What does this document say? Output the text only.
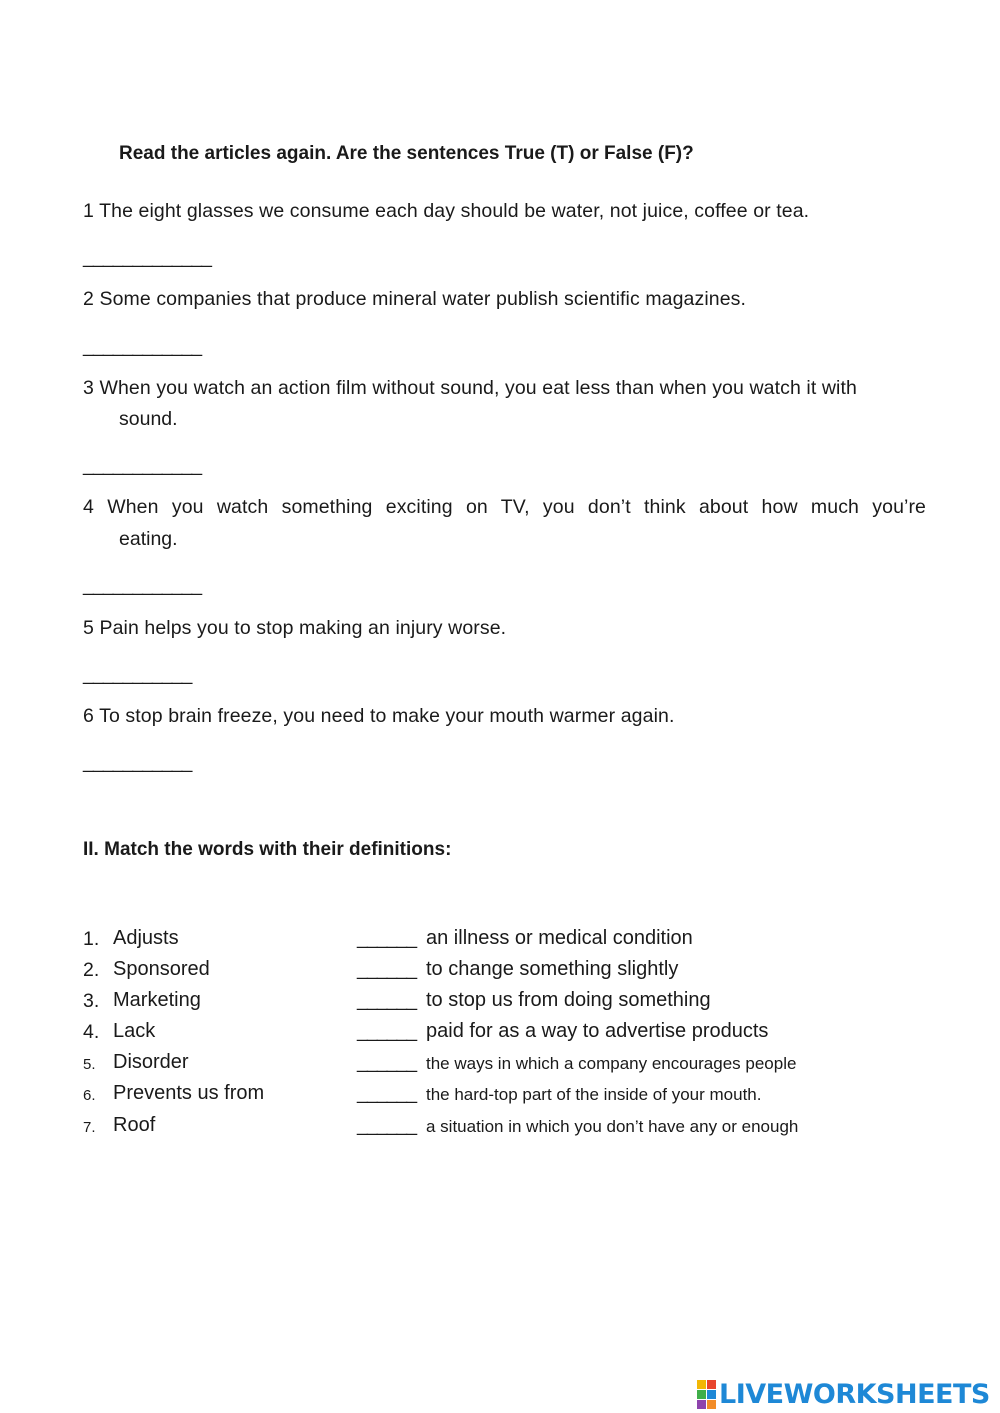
Read the articles again. Are the sentences True (T) or False (F)?
1 The eight glasses we consume each day should be water, not juice, coffee or tea.
_____________
2 Some companies that produce mineral water publish scientific magazines.
____________
3 When you watch an action film without sound, you eat less than when you watch it with
sound.
____________
4 When you watch something exciting on TV, you don’t think about how much you’re
eating.
____________
5 Pain helps you to stop making an injury worse.
___________
6 To stop brain freeze, you need to make your mouth warmer again.
___________
II. Match the words with their definitions:
1. Adjusts	______ an illness or medical condition
2. Sponsored	______ to change something slightly
3. Marketing	______ to stop us from doing something
4. Lack	______ paid for as a way to advertise products
5. Disorder	______ the ways in which a company encourages people
6. Prevents us from	______ the hard-top part of the inside of your mouth.
7. Roof	______ a situation in which you don’t have any or enough
LIVEWORKSHEETS
